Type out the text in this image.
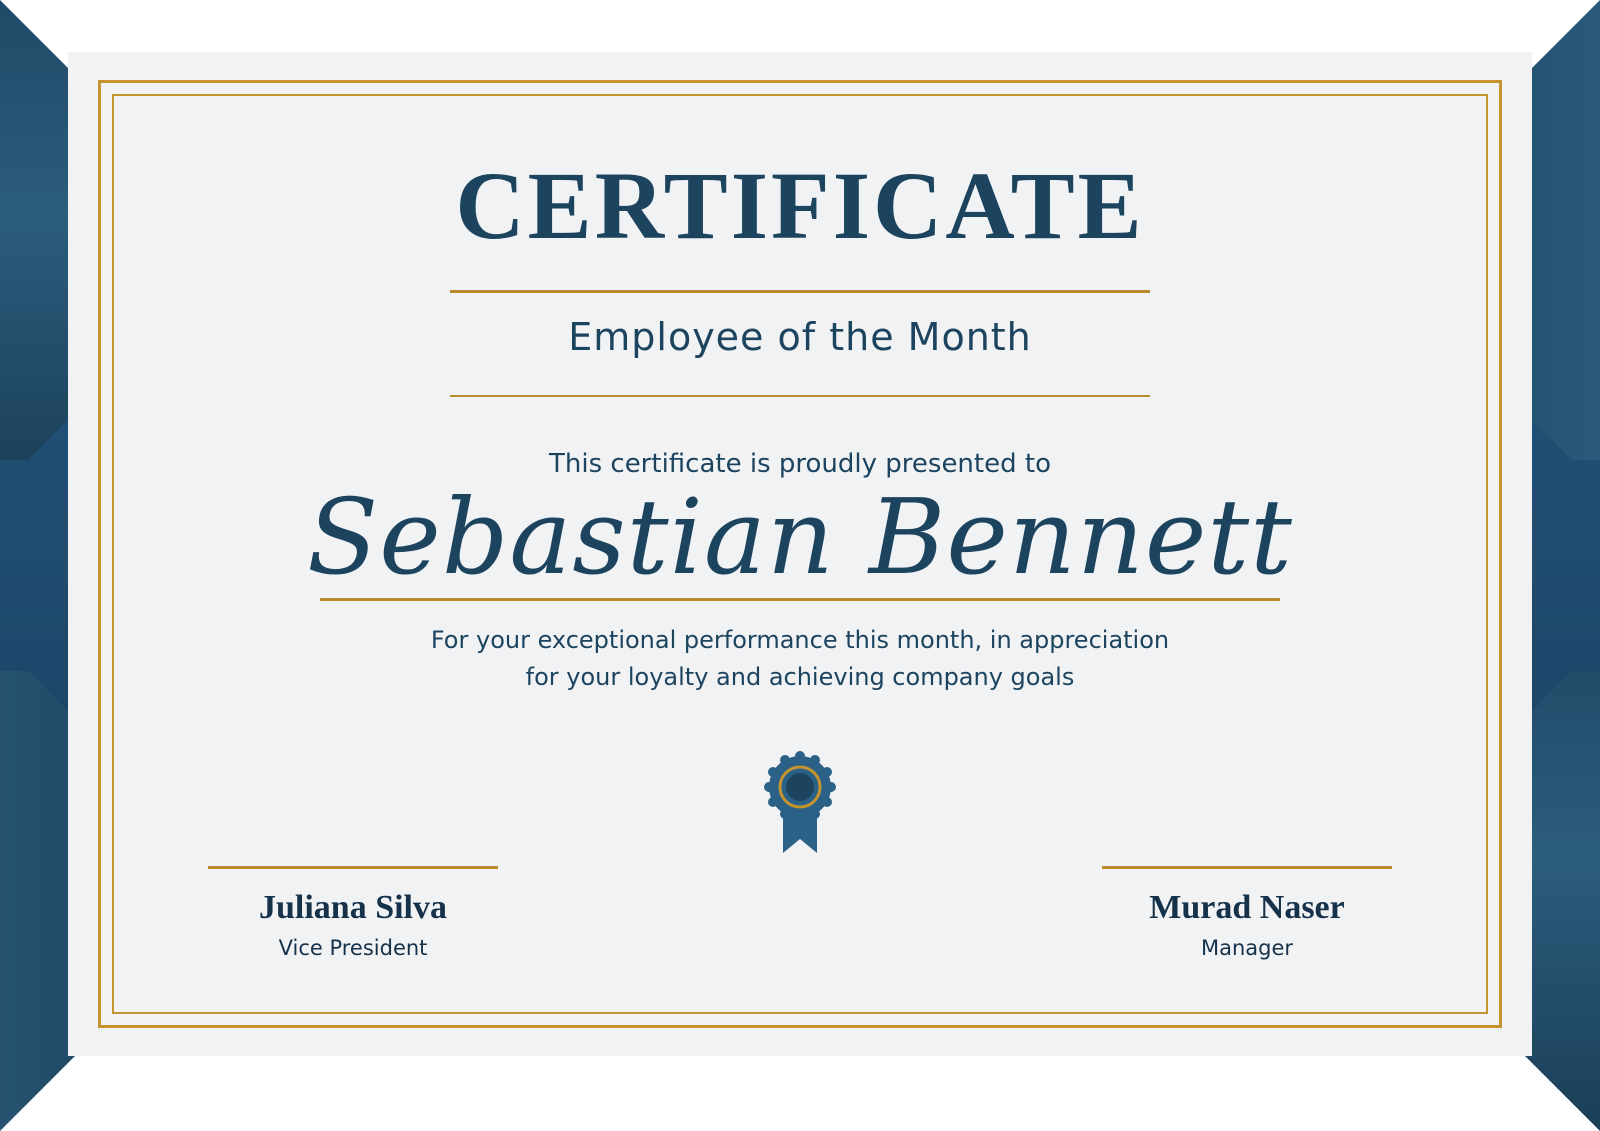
CERTIFICATE
Employee of the Month
This certificate is proudly presented to
Sebastian Bennett
For your exceptional performance this month, in appreciation
for your loyalty and achieving company goals
Juliana Silva
Vice President
Murad Naser
Manager
